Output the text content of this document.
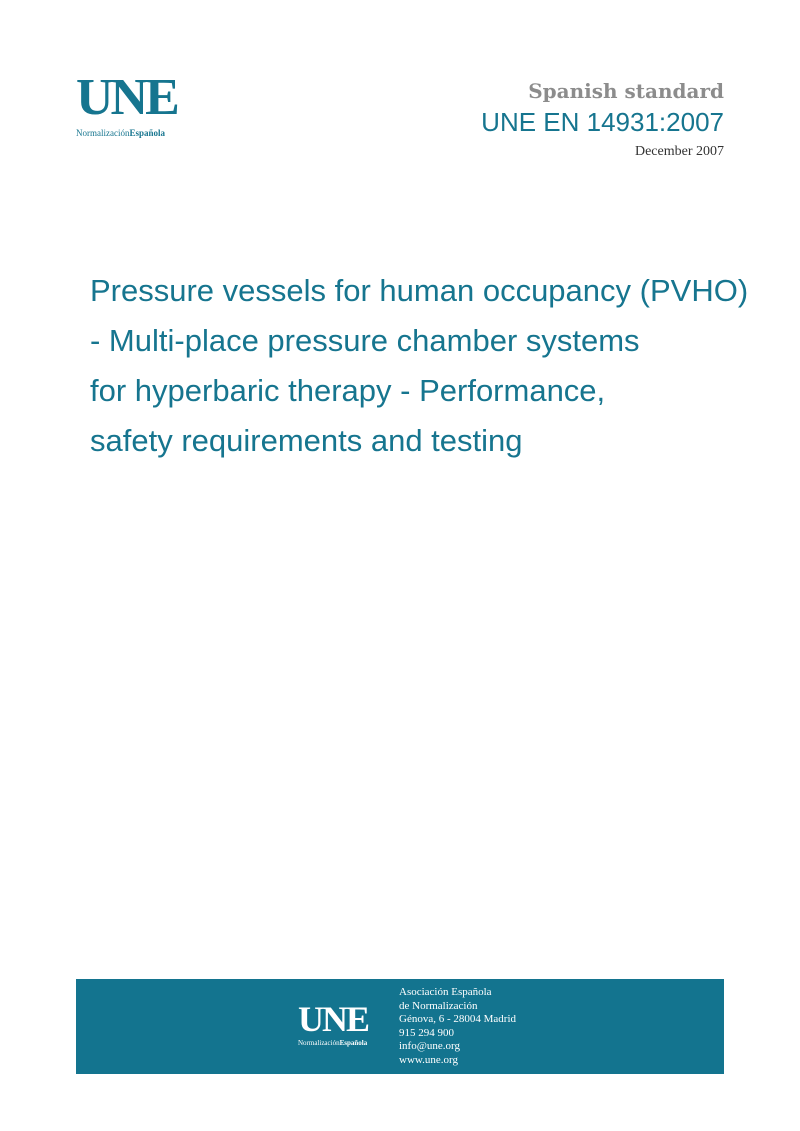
UNE
NormalizaciónEspañola
Spanish standard
UNE EN 14931:2007
December 2007
Pressure vessels for human occupancy (PVHO)
- Multi-place pressure chamber systems
for hyperbaric therapy - Performance,
safety requirements and testing
UNE
NormalizaciónEspañola
Asociación Española
de Normalización
Génova, 6 - 28004 Madrid
915 294 900
info@une.org
www.une.org
